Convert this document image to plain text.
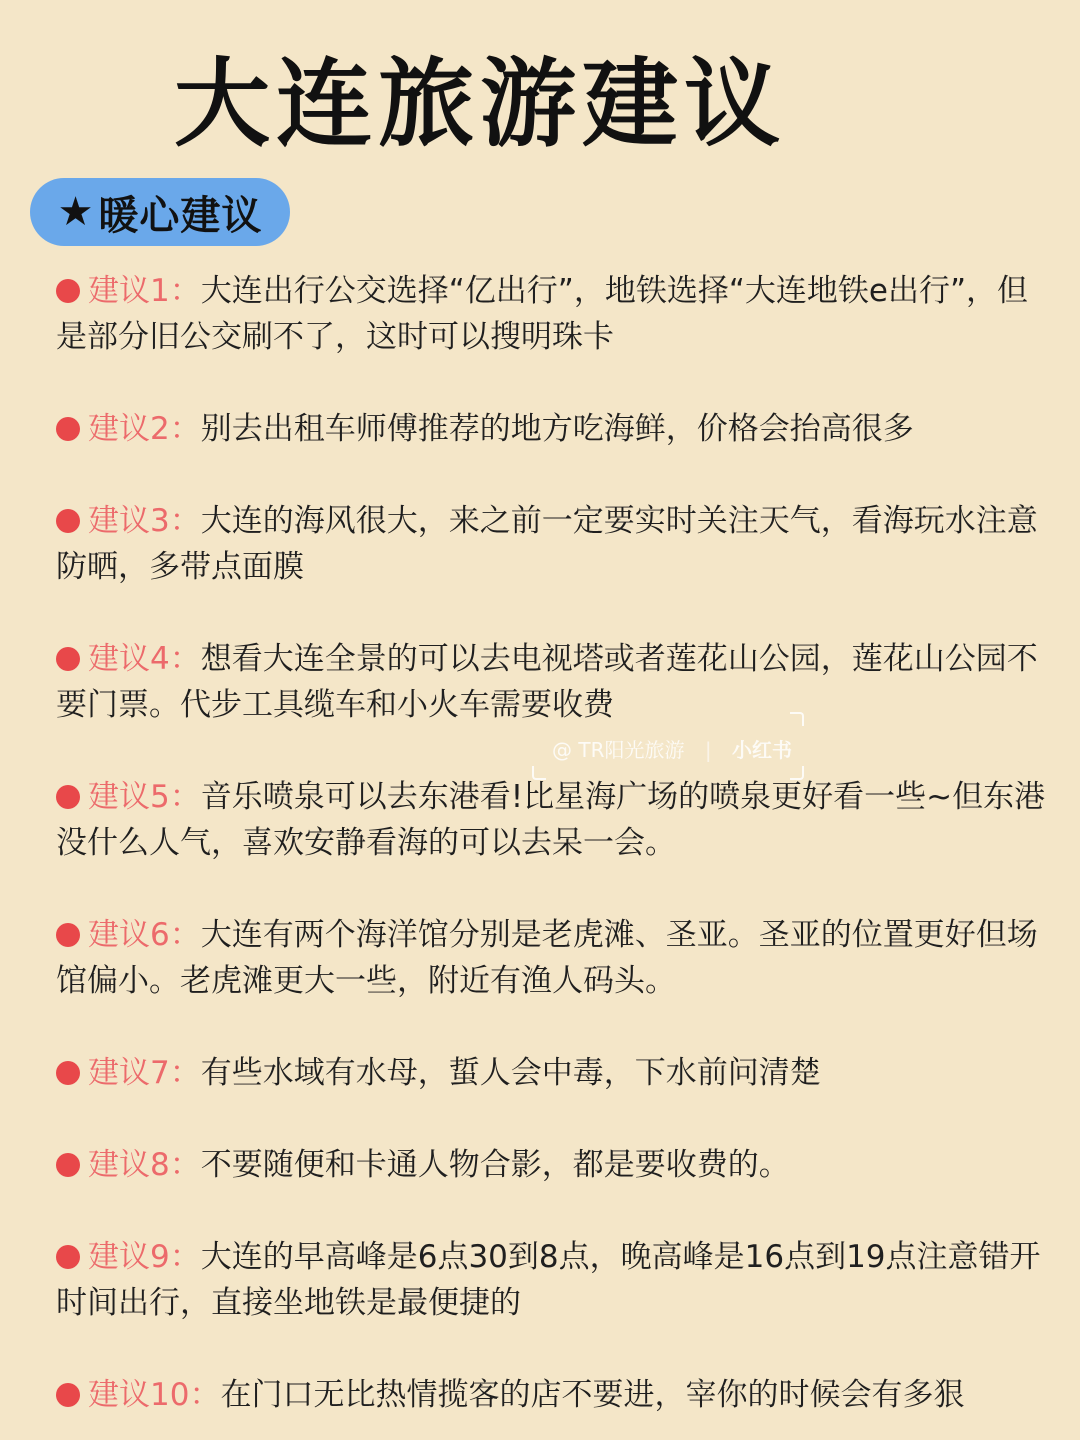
大连旅游建议
★ 暖心建议
建议1：大连出行公交选择“亿出行”，地铁选择“大连地铁e出行”，但是部分旧公交刷不了，这时可以搜明珠卡
建议2：别去出租车师傅推荐的地方吃海鲜，价格会抬高很多
建议3：大连的海风很大，来之前一定要实时关注天气，看海玩水注意防晒，多带点面膜
建议4：想看大连全景的可以去电视塔或者莲花山公园，莲花山公园不要门票。代步工具缆车和小火车需要收费
建议5：音乐喷泉可以去东港看!比星海广场的喷泉更好看一些~但东港没什么人气，喜欢安静看海的可以去呆一会。
建议6：大连有两个海洋馆分别是老虎滩、圣亚。圣亚的位置更好但场馆偏小。老虎滩更大一些，附近有渔人码头。
建议7：有些水域有水母，蜇人会中毒，下水前问清楚
建议8：不要随便和卡通人物合影，都是要收费的。
建议9：大连的早高峰是6点30到8点，晚高峰是16点到19点注意错开时间出行，直接坐地铁是最便捷的
建议10：在门口无比热情揽客的店不要进，宰你的时候会有多狠
@ TR阳光旅游 | 小红书
